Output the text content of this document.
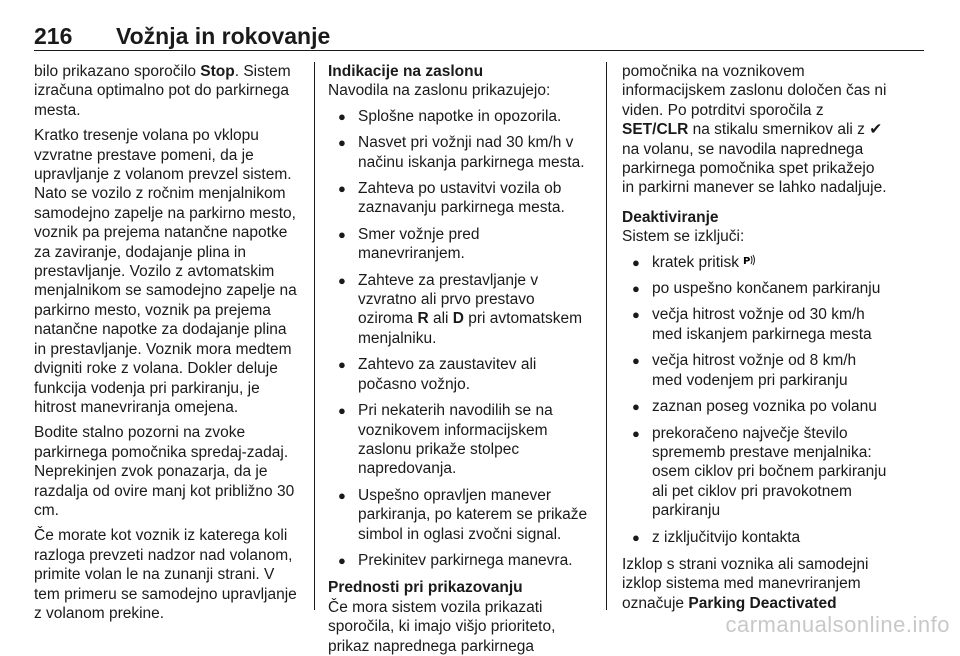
216 Vožnja in rokovanje

bilo prikazano sporočilo Stop. Sistem izračuna optimalno pot do parkirnega mesta.

Kratko tresenje volana po vklopu vzvratne prestave pomeni, da je upravljanje z volanom prevzel sistem. Nato se vozilo z ročnim menjalnikom samodejno zapelje na parkirno mesto, voznik pa prejema natančne napotke za zaviranje, dodajanje plina in prestavljanje. Vozilo z avtomatskim menjalnikom se samodejno zapelje na parkirno mesto, voznik pa prejema natančne napotke za dodajanje plina in prestavljanje. Voznik mora medtem dvigniti roke z volana. Dokler deluje funkcija vodenja pri parkiranju, je hitrost manevriranja omejena.

Bodite stalno pozorni na zvoke parkirnega pomočnika spredaj-zadaj. Neprekinjen zvok ponazarja, da je razdalja od ovire manj kot približno 30 cm.

Če morate kot voznik iz katerega koli razloga prevzeti nadzor nad volanom, primite volan le na zunanji strani. V tem primeru se samodejno upravljanje z volanom prekine.

Indikacije na zaslonu

Navodila na zaslonu prikazujejo:

● Splošne napotke in opozorila.
● Nasvet pri vožnji nad 30 km/h v načinu iskanja parkirnega mesta.
● Zahteva po ustavitvi vozila ob zaznavanju parkirnega mesta.
● Smer vožnje pred manevriranjem.
● Zahteve za prestavljanje v vzvratno ali prvo prestavo oziroma R ali D pri avtomatskem menjalniku.
● Zahtevo za zaustavitev ali počasno vožnjo.
● Pri nekaterih navodilih se na voznikovem informacijskem zaslonu prikaže stolpec napredovanja.
● Uspešno opravljen manever parkiranja, po katerem se prikaže simbol in oglasi zvočni signal.
● Prekinitev parkirnega manevra.

Prednosti pri prikazovanju

Če mora sistem vozila prikazati sporočila, ki imajo višjo prioriteto, prikaz naprednega parkirnega

pomočnika na voznikovem informacijskem zaslonu določen čas ni viden. Po potrditvi sporočila z SET/CLR na stikalu smernikov ali z ✔ na volanu, se navodila naprednega parkirnega pomočnika spet prikažejo in parkirni manever se lahko nadaljuje.

Deaktiviranje

Sistem se izključi:

● kratek pritisk P
● po uspešno končanem parkiranju
● večja hitrost vožnje od 30 km/h med iskanjem parkirnega mesta
● večja hitrost vožnje od 8 km/h med vodenjem pri parkiranju
● zaznan poseg voznika po volanu
● prekoračeno največje število sprememb prestave menjalnika: osem ciklov pri bočnem parkiranju ali pet ciklov pri pravokotnem parkiranju
● z izključitvijo kontakta

Izklop s strani voznika ali samodejni izklop sistema med manevriranjem označuje Parking Deactivated

carmanualsonline.info
